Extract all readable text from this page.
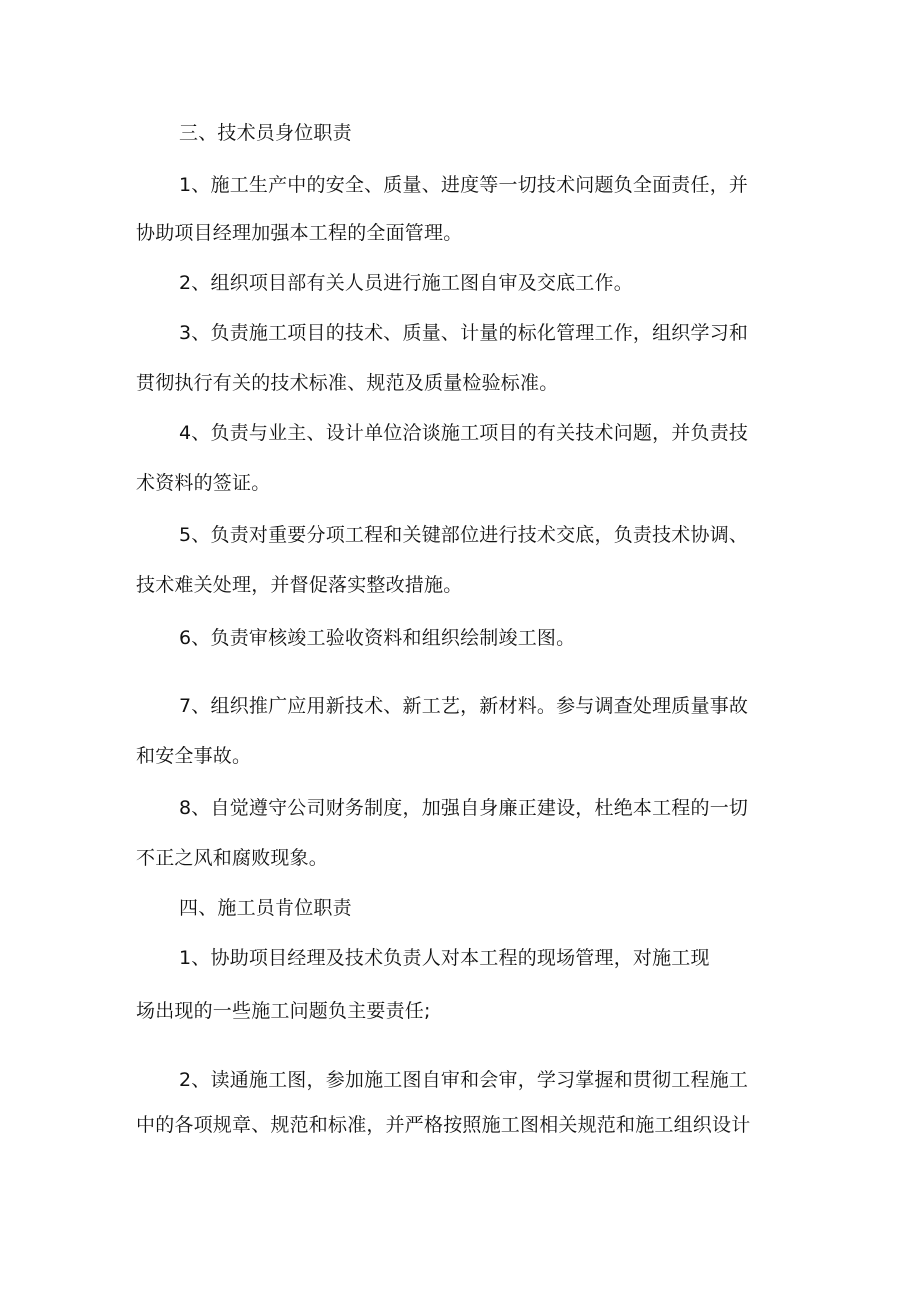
三、技术员身位职责
1、施工生产中的安全、质量、进度等一切技术问题负全面责任，并
协助项目经理加强本工程的全面管理。
2、组织项目部有关人员进行施工图自审及交底工作。
3、负责施工项目的技术、质量、计量的标化管理工作，组织学习和
贯彻执行有关的技术标准、规范及质量检验标准。
4、负责与业主、设计单位洽谈施工项目的有关技术问题，并负责技
术资料的签证。
5、负责对重要分项工程和关键部位进行技术交底，负责技术协调、
技术难关处理，并督促落实整改措施。
6、负责审核竣工验收资料和组织绘制竣工图。
7、组织推广应用新技术、新工艺，新材料。参与调查处理质量事故
和安全事故。
8、自觉遵守公司财务制度，加强自身廉正建设，杜绝本工程的一切
不正之风和腐败现象。
四、施工员肯位职责
1、协助项目经理及技术负责人对本工程的现场管理，对施工现
场出现的一些施工问题负主要责任;
2、读通施工图，参加施工图自审和会审，学习掌握和贯彻工程施工
中的各项规章、规范和标准，并严格按照施工图相关规范和施工组织设计
